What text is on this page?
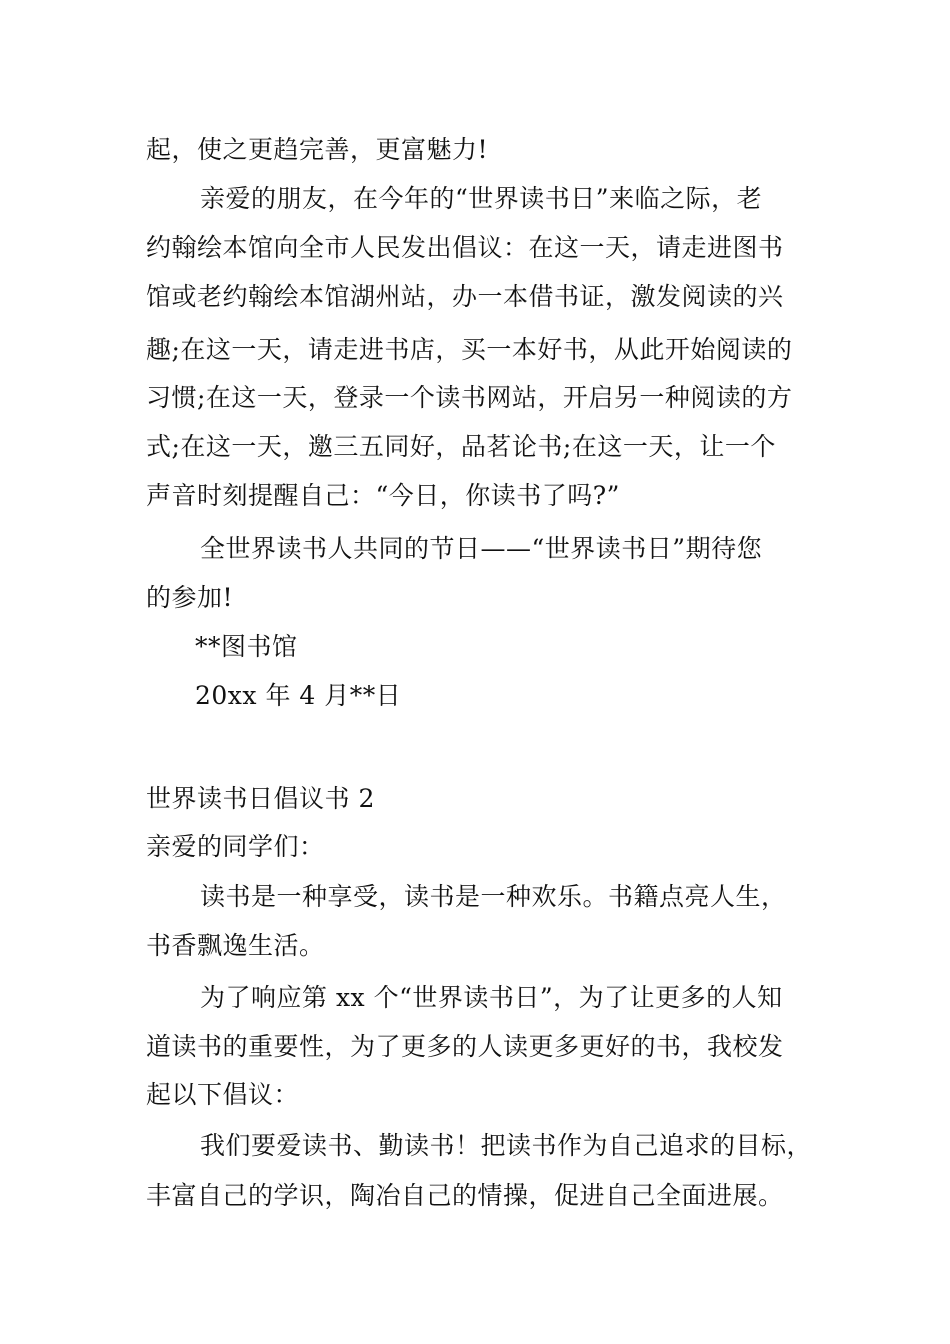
起，使之更趋完善，更富魅力!
亲爱的朋友，在今年的“世界读书日”来临之际，老
约翰绘本馆向全市人民发出倡议：在这一天，请走进图书
馆或老约翰绘本馆湖州站，办一本借书证，激发阅读的兴
趣;在这一天，请走进书店，买一本好书，从此开始阅读的
习惯;在这一天，登录一个读书网站，开启另一种阅读的方
式;在这一天，邀三五同好，品茗论书;在这一天，让一个
声音时刻提醒自己：“今日，你读书了吗?”
全世界读书人共同的节日——“世界读书日”期待您
的参加!
**图书馆
20xx 年 4 月**日
世界读书日倡议书 2
亲爱的同学们：
读书是一种享受，读书是一种欢乐。书籍点亮人生，
书香飘逸生活。
为了响应第 xx 个“世界读书日”，为了让更多的人知
道读书的重要性，为了更多的人读更多更好的书，我校发
起以下倡议：
我们要爱读书、勤读书！把读书作为自己追求的目标，
丰富自己的学识，陶冶自己的情操，促进自己全面进展。
